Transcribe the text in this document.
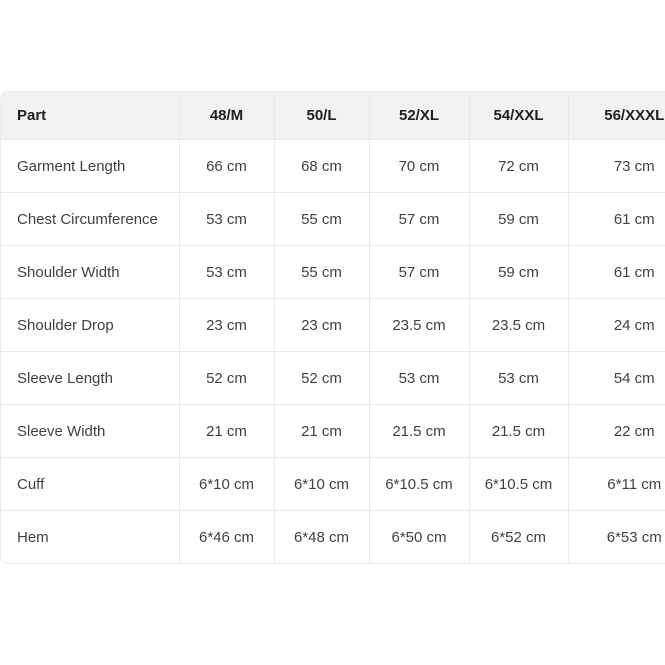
Part	48/M	50/L	52/XL	54/XXL	56/XXXL
Garment Length	66 cm	68 cm	70 cm	72 cm	73 cm
Chest Circumference	53 cm	55 cm	57 cm	59 cm	61 cm
Shoulder Width	53 cm	55 cm	57 cm	59 cm	61 cm
Shoulder Drop	23 cm	23 cm	23.5 cm	23.5 cm	24 cm
Sleeve Length	52 cm	52 cm	53 cm	53 cm	54 cm
Sleeve Width	21 cm	21 cm	21.5 cm	21.5 cm	22 cm
Cuff	6*10 cm	6*10 cm	6*10.5 cm	6*10.5 cm	6*11 cm
Hem	6*46 cm	6*48 cm	6*50 cm	6*52 cm	6*53 cm
